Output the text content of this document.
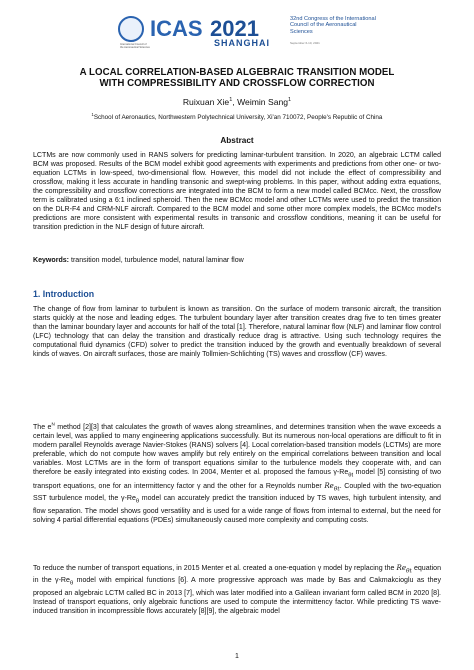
International Council of the Aeronautical Sciences
ICAS 2021
SHANGHAI
32nd Congress of the International Council of the Aeronautical Sciences
September 6-10, 2021
A LOCAL CORRELATION-BASED ALGEBRAIC TRANSITION MODEL
WITH COMPRESSIBILITY AND CROSSFLOW CORRECTION
Ruixuan Xie$^1$, Weimin Sang$^1$
$^1$School of Aeronautics, Northwestern Polytechnical University, Xi'an 710072, People's Republic of China
Abstract
LCTMs are now commonly used in RANS solvers for predicting laminar-turbulent transition. In 2020, an algebraic LCTM called BCM was proposed. Results of the BCM model exhibit good agreements with experiments and predictions from other one- or two-equation LCTMs in low-speed, two-dimensional flow. However, this model did not include the effect of compressibility and crossflow, making it less accurate in handling transonic and swept-wing problems. In this paper, without adding extra equations, the compressibility and crossflow corrections are integrated into the BCM to form a new model called BCMcc. Next, the crossflow term is calibrated using a 6:1 inclined spheroid. Then the new BCMcc model and other LCTMs were used to predict the transition on the DLR-F4 and CRM-NLF aircraft. Compared to the BCM model and some other more complex models, the BCMcc model's predictions are more consistent with experimental results in transonic and crossflow conditions, meaning it can be useful for transition prediction in the NLF design of future aircraft.
Keywords: transition model, turbulence model, natural laminar flow
1. Introduction
The change of flow from laminar to turbulent is known as transition. On the surface of modern transonic aircraft, the transition starts quickly at the nose and leading edges. The turbulent boundary layer after transition creates drag five to ten times greater than the laminar boundary layer and accounts for half of the total [1]. Therefore, natural laminar flow (NLF) and laminar flow control (LFC) technology that can delay the transition and drastically reduce drag is attractive. Using such technology requires the computational fluid dynamics (CFD) solver to predict the transition induced by the growth and eventually breakdown of several kinds of waves. On aircraft surfaces, those are mainly Tollmien-Schlichting (TS) waves and crossflow (CF) waves.
The $e^N$ method [2][3] that calculates the growth of waves along streamlines, and determines transition when the wave exceeds a certain level, was applied to many engineering applications successfully. But its numerous non-local operations are difficult to fit in modern parallel Reynolds average Navier-Stokes (RANS) solvers [4]. Local correlation-based transition models (LCTMs) are more preferable, which do not compute how waves amplify but rely entirely on the empirical correlations between transition and local variables. Most LCTMs are in the form of transport equations similar to the turbulence models they cooperate with, and can therefore be easily integrated into existing codes. In 2004, Menter et al. proposed the famous $\gamma-Re_{\theta t}$ model [5] consisting of two transport equations, one for an intermittency factor γ and the other for a Reynolds number $Re_{\theta t}$. Coupled with the two-equation SST turbulence model, the $\gamma-Re_\theta$ model can accurately predict the transition induced by TS waves, high turbulent intensity, and flow separation. The model shows good versatility and is used for a wide range of flows from internal to external, but the need for solving 4 partial differential equations (PDEs) simultaneously caused more complexity and computing costs.
To reduce the number of transport equations, in 2015 Menter et al. created a one-equation γ model by replacing the $Re_{\theta t}$ equation in the $\gamma-Re_\theta$ model with empirical functions [6]. A more progressive approach was made by Bas and Cakmakcioglu as they proposed an algebraic LCTM called BC in 2013 [7], which was later modified into a Galilean invariant form called BCM in 2020 [8]. Instead of transport equations, only algebraic functions are used to compute the intermittency factor. While predicting TS wave-induced transition in incompressible flows accurately [8][9], the algebraic model
1
